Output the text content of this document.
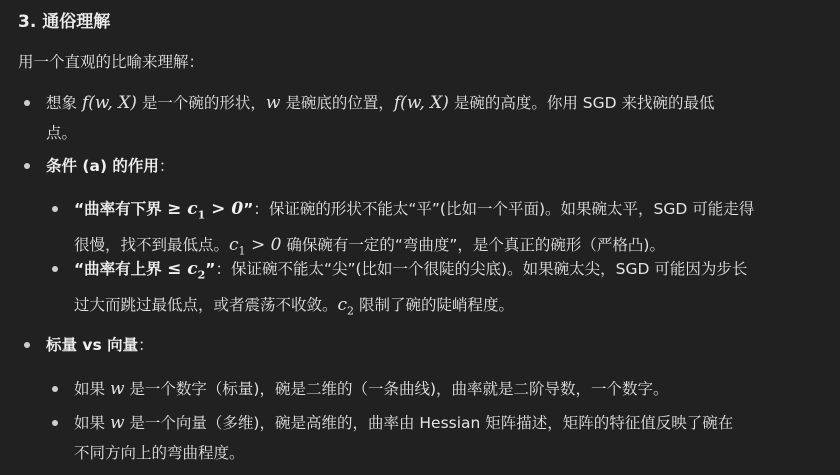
3. 通俗理解
用一个直观的比喻来理解：
想象 f(w, X) 是一个碗的形状，w 是碗底的位置，f(w, X) 是碗的高度。你用 SGD 来找碗的最低
点。
条件 (a) 的作用：
“曲率有下界 ≥ $c_1 > 0$”：保证碗的形状不能太“平”(比如一个平面)。如果碗太平，SGD 可能走得
很慢，找不到最低点。$c_1 > 0$ 确保碗有一定的“弯曲度”，是个真正的碗形（严格凸)。
“曲率有上界 ≤ $c_2$”：保证碗不能太“尖”(比如一个很陡的尖底)。如果碗太尖，SGD 可能因为步长
过大而跳过最低点，或者震荡不收敛。$c_2$ 限制了碗的陡峭程度。
标量 vs 向量：
如果 w 是一个数字（标量)，碗是二维的（一条曲线)，曲率就是二阶导数，一个数字。
如果 w 是一个向量（多维)，碗是高维的，曲率由 Hessian 矩阵描述，矩阵的特征值反映了碗在
不同方向上的弯曲程度。
